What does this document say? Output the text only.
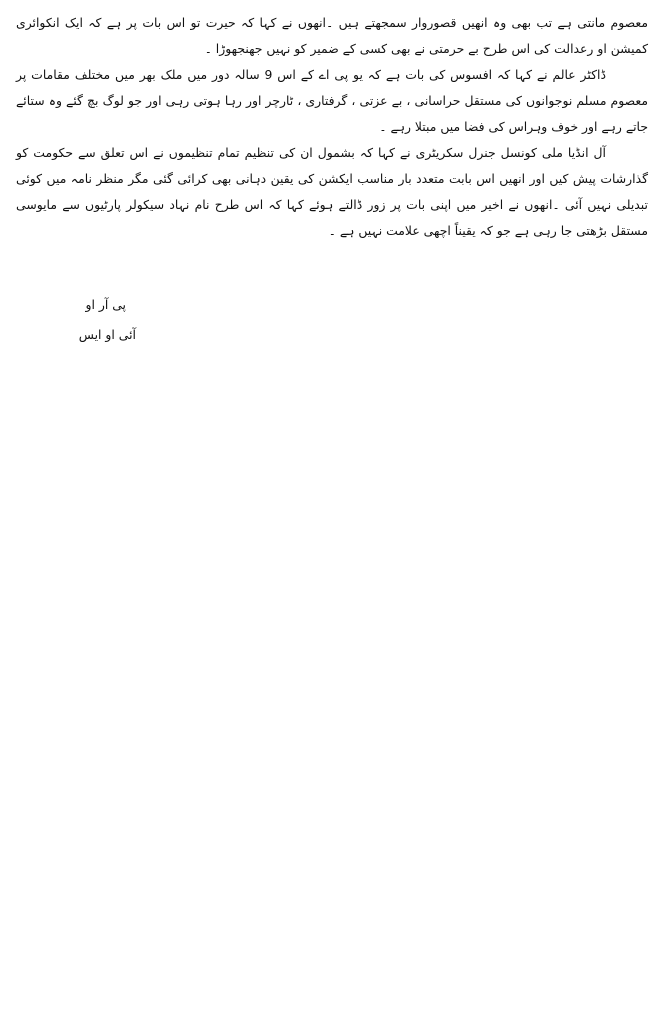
معصوم مانتی ہے تب بھی وہ انھیں قصوروار سمجھتے ہیں ۔انھوں نے کہا کہ حیرت تو اس بات پر ہے کہ ایک انکوائری کمیشن او رعدالت کی اس طرح بے حرمتی نے بھی کسی کے ضمیر کو نہیں جھنجھوڑا ۔

ڈاکٹر عالم نے کہا کہ افسوس کی بات ہے کہ یو پی اے کے اس 9 سالہ دور میں ملک بھر میں مختلف مقامات پر معصوم مسلم نوجوانوں کی مستقل حراسانی ، بے عزتی ، گرفتاری ، ٹارچر اور رہا ہوتی رہی اور جو لوگ بچ گئے وہ ستائے جاتے رہے اور خوف وہراس کی فضا میں مبتلا رہے ۔

آل انڈیا ملی کونسل جنرل سکریٹری نے کہا کہ بشمول ان کی تنظیم تمام تنظیموں نے اس تعلق سے حکومت کو گذارشات پیش کیں اور انھیں اس بابت متعدد بار مناسب ایکشن کی یقین دہانی بھی کرائی گئی مگر منظر نامہ میں کوئی تبدیلی نہیں آئی ۔انھوں نے اخیر میں اپنی بات پر زور ڈالتے ہوئے کہا کہ اس طرح نام نہاد سیکولر پارٹیوں سے مایوسی مستقل بڑھتی جا رہی ہے جو کہ یقیناً اچھی علامت نہیں ہے ۔

پی آر او
آئی او ایس
